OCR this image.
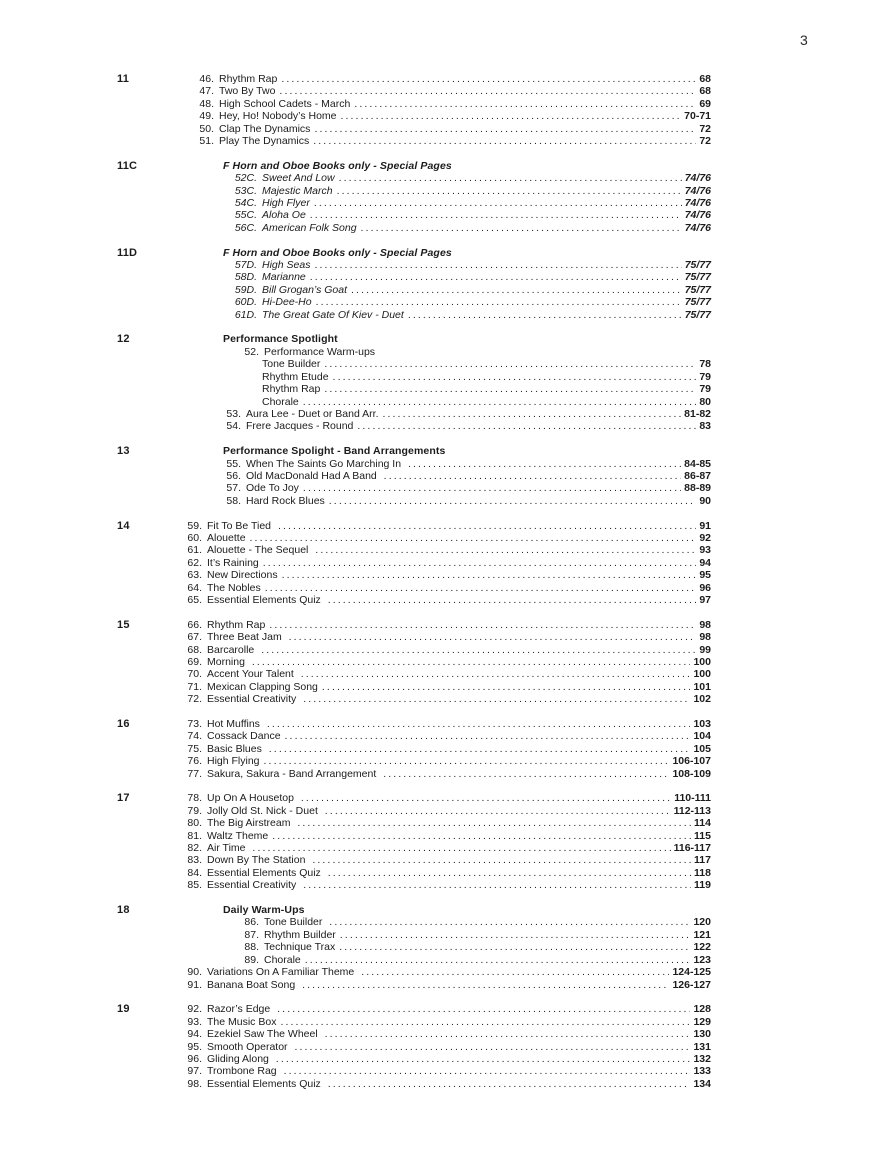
3
11	46. Rhythm Rap .....	68
47. Two By Two .....	68
48. High School Cadets - March .....	69
49. Hey, Ho! Nobody’s Home .....	70-71
50. Clap The Dynamics .....	72
51. Play The Dynamics .....	72
11C	F Horn and Oboe Books only - Special Pages
52C. Sweet And Low .....	74/76
53C. Majestic March .....	74/76
54C. High Flyer .....	74/76
55C. Aloha Oe .....	74/76
56C. American Folk Song .....	74/76
11D	F Horn and Oboe Books only - Special Pages
57D. High Seas .....	75/77
58D. Marianne .....	75/77
59D. Bill Grogan’s Goat .....	75/77
60D. Hi-Dee-Ho .....	75/77
61D. The Great Gate Of Kiev - Duet .....	75/77
12	Performance Spotlight
52. Performance Warm-ups
Tone Builder .....	78
Rhythm Etude .....	79
Rhythm Rap .....	79
Chorale .....	80
53. Aura Lee - Duet or Band Arr. .....	81-82
54. Frere Jacques - Round .....	83
13	Performance Spolight - Band Arrangements
55. When The Saints Go Marching In .....	84-85
56. Old MacDonald Had A Band .....	86-87
57. Ode To Joy .....	88-89
58. Hard Rock Blues .....	90
14	59. Fit To Be Tied .....	91
60. Alouette .....	92
61. Alouette - The Sequel .....	93
62. It’s Raining .....	94
63. New Directions .....	95
64. The Nobles .....	96
65. Essential Elements Quiz .....	97
15	66. Rhythm Rap .....	98
67. Three Beat Jam .....	98
68. Barcarolle .....	99
69. Morning .....	100
70. Accent Your Talent .....	100
71. Mexican Clapping Song .....	101
72. Essential Creativity .....	102
16	73. Hot Muffins .....	103
74. Cossack Dance .....	104
75. Basic Blues .....	105
76. High Flying .....	106-107
77. Sakura, Sakura - Band Arrangement .....	108-109
17	78. Up On A Housetop .....	110-111
79. Jolly Old St. Nick - Duet .....	112-113
80. The Big Airstream .....	114
81. Waltz Theme .....	115
82. Air Time .....	116-117
83. Down By The Station .....	117
84. Essential Elements Quiz .....	118
85. Essential Creativity .....	119
18	Daily Warm-Ups
86. Tone Builder .....	120
87. Rhythm Builder .....	121
88. Technique Trax .....	122
89. Chorale .....	123
90. Variations On A Familiar Theme .....	124-125
91. Banana Boat Song .....	126-127
19	92. Razor’s Edge .....	128
93. The Music Box .....	129
94. Ezekiel Saw The Wheel .....	130
95. Smooth Operator .....	131
96. Gliding Along .....	132
97. Trombone Rag .....	133
98. Essential Elements Quiz .....	134
